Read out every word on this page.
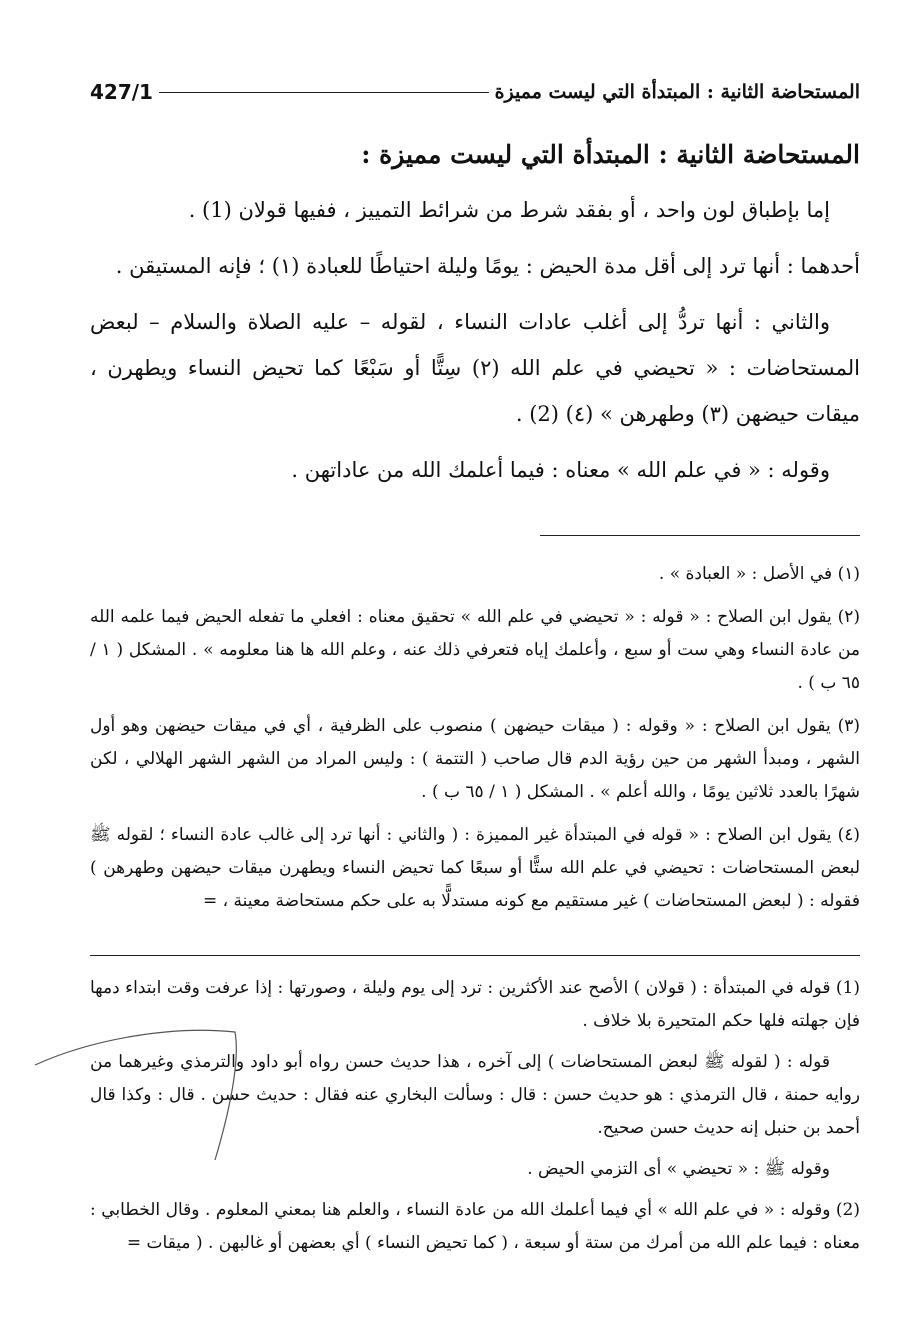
المستحاضة الثانية : المبتدأة التي ليست مميزة
427/1
المستحاضة الثانية : المبتدأة التي ليست مميزة :

إما بإطباق لون واحد ، أو بفقد شرط من شرائط التمييز ، ففيها قولان (1) .

أحدهما : أنها ترد إلى أقل مدة الحيض : يومًا وليلة احتياطًا للعبادة (١) ؛ فإنه المستيقن .

والثاني : أنها تردُّ إلى أغلب عادات النساء ، لقوله – عليه الصلاة والسلام – لبعض المستحاضات : « تحيضي في علم الله (٢) سِتًّا أو سَبْعًا كما تحيض النساء ويطهرن ، ميقات حيضهن (٣) وطهرهن » (٤) (2) .

وقوله : « في علم الله » معناه : فيما أعلمك الله من عاداتهن .

(١) في الأصل : « العبادة » .

(٢) يقول ابن الصلاح : « قوله : « تحيضي في علم الله » تحقيق معناه : افعلي ما تفعله الحيض فيما علمه الله من عادة النساء وهي ست أو سبع ، وأعلمك إياه فتعرفي ذلك عنه ، وعلم الله ها هنا معلومه » . المشكل ( ١ / ٦٥ ب ) .

(٣) يقول ابن الصلاح : « وقوله : ( ميقات حيضهن ) منصوب على الظرفية ، أي في ميقات حيضهن وهو أول الشهر ، ومبدأ الشهر من حين رؤية الدم قال صاحب ( التتمة ) : وليس المراد من الشهر الشهر الهلالي ، لكن شهرًا بالعدد ثلاثين يومًا ، والله أعلم » . المشكل ( ١ / ٦٥ ب ) .

(٤) يقول ابن الصلاح : « قوله في المبتدأة غير المميزة : ( والثاني : أنها ترد إلى غالب عادة النساء ؛ لقوله ﷺ لبعض المستحاضات : تحيضي في علم الله ستًّا أو سبعًا كما تحيض النساء ويطهرن ميقات حيضهن وطهرهن ) فقوله : ( لبعض المستحاضات ) غير مستقيم مع كونه مستدلًّا به على حكم مستحاضة معينة ، =

(1) قوله في المبتدأة : ( قولان ) الأصح عند الأكثرين : ترد إلى يوم وليلة ، وصورتها : إذا عرفت وقت ابتداء دمها فإن جهلته فلها حكم المتحيرة بلا خلاف .

قوله : ( لقوله ﷺ لبعض المستحاضات ) إلى آخره ، هذا حديث حسن رواه أبو داود والترمذي وغيرهما من روايه حمنة ، قال الترمذي : هو حديث حسن : قال : وسألت البخاري عنه فقال : حديث حسن . قال : وكذا قال أحمد بن حنبل إنه حديث حسن صحيح.

وقوله ﷺ : « تحيضي » أى التزمي الحيض .

(2) وقوله : « في علم الله » أي فيما أعلمك الله من عادة النساء ، والعلم هنا بمعني المعلوم . وقال الخطابي : معناه : فيما علم الله من أمرك من ستة أو سبعة ، ( كما تحيض النساء ) أي بعضهن أو غالبهن . ( ميقات =
